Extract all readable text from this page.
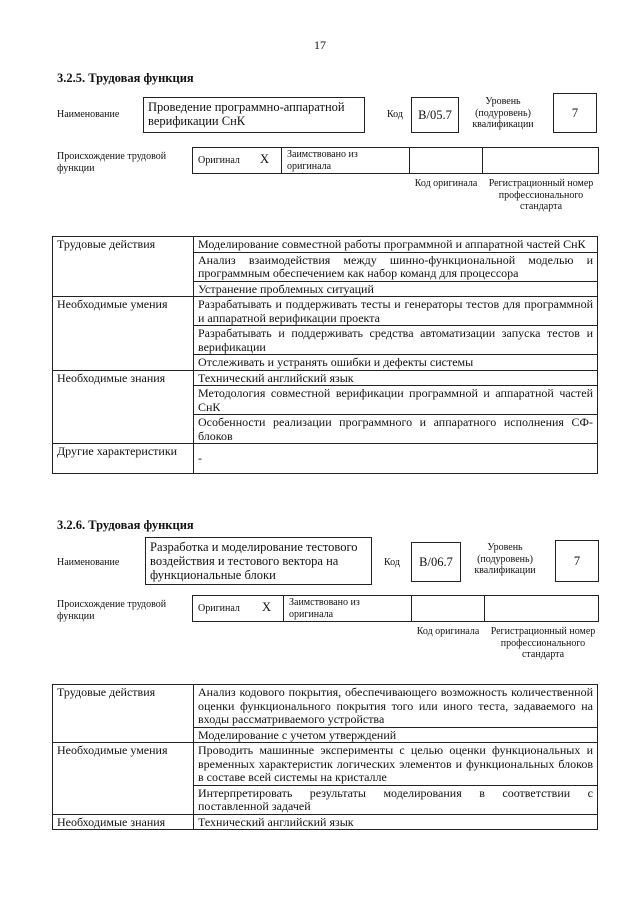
17
3.2.5. Трудовая функция
Наименование
Проведение программно-аппаратной верификации СнК	Код	B/05.7
Уровень (подуровень) квалификации
7
Происхождение трудовой функции
Оригинал X Заимствовано из оригинала
Код оригинала Регистрационный номер профессионального стандарта
Трудовые действия	Моделирование совместной работы программной и аппаратной частей СнК
	Анализ взаимодействия между шинно-функциональной моделью и программным обеспечением как набор команд для процессора
	Устранение проблемных ситуаций
Необходимые умения	Разрабатывать и поддерживать тесты и генераторы тестов для программной и аппаратной верификации проекта
	Разрабатывать и поддерживать средства автоматизации запуска тестов и верификации
	Отслеживать и устранять ошибки и дефекты системы
Необходимые знания	Технический английский язык
	Методология совместной верификации программной и аппаратной частей СнК
	Особенности реализации программного и аппаратного исполнения СФ-блоков
Другие характеристики	-
3.2.6. Трудовая функция
Наименование
Разработка и моделирование тестового воздействия и тестового вектора на функциональные блоки
Код	B/06.7
Уровень (подуровень) квалификации
7
Происхождение трудовой функции
Оригинал X Заимствовано из оригинала
Код оригинала Регистрационный номер профессионального стандарта
Трудовые действия	Анализ кодового покрытия, обеспечивающего возможность количественной оценки функционального покрытия того или иного теста, задаваемого на входы рассматриваемого устройства
	Моделирование с учетом утверждений
Необходимые умения	Проводить машинные эксперименты с целью оценки функциональных и временных характеристик логических элементов и функциональных блоков в составе всей системы на кристалле
	Интерпретировать результаты моделирования в соответствии с поставленной задачей
Необходимые знания	Технический английский язык
